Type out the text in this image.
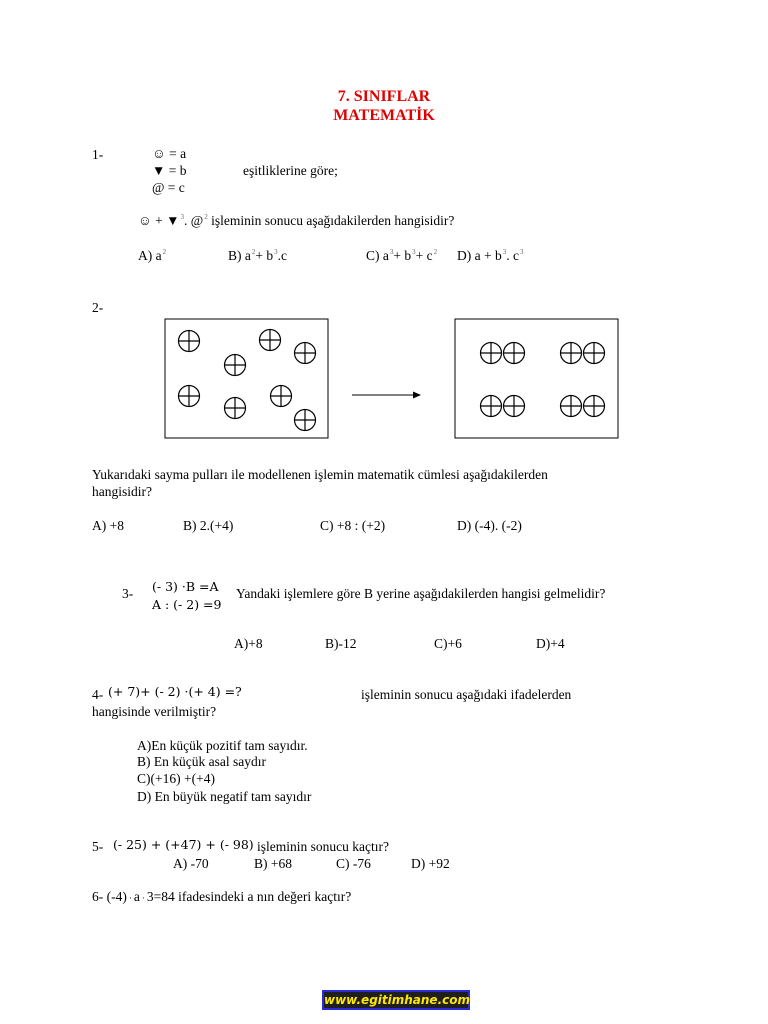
7. SINIFLAR
MATEMATİK
1-	☺ = a
▼ = b
@ = c
eşitliklerine göre;
☺ + ▼$^3$. @$^2$ işleminin sonucu aşağıdakilerden hangisidir?
A) $a^2$	B) $a^2+ b^3.c$	C) $a^3+ b^3+ c^2$ D) $a + b^3$. $c^3$
2-
Yukarıdaki sayma pulları ile modellenen işlemin matematik cümlesi aşağıdakilerden
hangisidir?
A) +8	B) 2.(+4)	C) +8 : (+2)	D) (-4). (-2)
3- (- 3) ·B =A
A : (- 2) =9
Yandaki işlemlere göre B yerine aşağıdakilerden hangisi gelmelidir?
A)+8	B)-12	C)+6	D)+4
4- (+ 7)+ (- 2) ·(+ 4) =?	işleminin sonucu aşağıdaki ifadelerden
hangisinde verilmiştir?
A)En küçük pozitif tam sayıdır.
B) En küçük asal saydır
C)(+16) +(+4)
D) En büyük negatif tam sayıdır
5- (- 25) + (+47) + (- 98) işleminin sonucu kaçtır?
A) -70	B) +68	C) -76	D) +92
6- (-4) · a · 3=84 ifadesindeki a nın değeri kaçtır?
www.egitimhane.com
